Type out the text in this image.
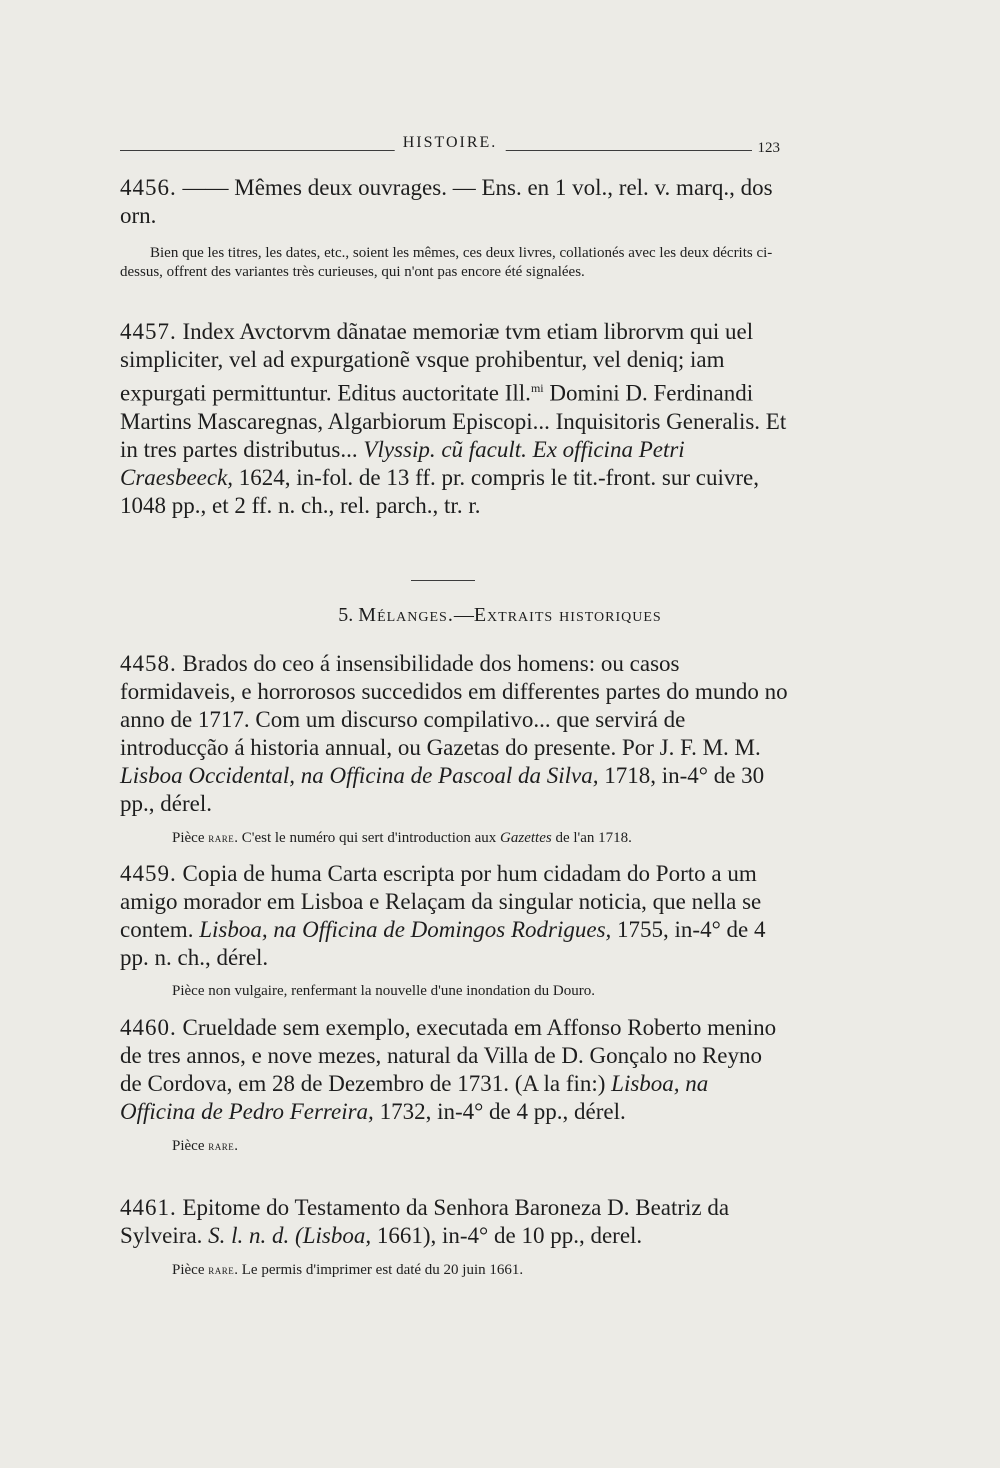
HISTOIRE.	123
4456. —— Mêmes deux ouvrages. — Ens. en 1 vol., rel. v. marq., dos orn.
Bien que les titres, les dates, etc., soient les mêmes, ces deux livres, collationés avec les deux décrits ci-dessus, offrent des variantes très curieuses, qui n'ont pas encore été signalées.
4457. Index Avctorvm dãnatae memoriæ tvm etiam librorvm qui uel simpliciter, vel ad expurgationẽ vsque prohibentur, vel deniq; iam expurgati permittuntur. Editus auctoritate Ill.$^{mi}$ Domini D. Ferdinandi Martins Mascaregnas, Algarbiorum Episcopi... Inquisitoris Generalis. Et in tres partes distributus... Vlyssip. cũ facult. Ex officina Petri Craesbeeck, 1624, in-fol. de 13 ff. pr. compris le tit.-front. sur cuivre, 1048 pp., et 2 ff. n. ch., rel. parch., tr. r.
5. Mélanges.—Extraits historiques
4458. Brados do ceo á insensibilidade dos homens: ou casos formidaveis, e horrorosos succedidos em differentes partes do mundo no anno de 1717. Com um discurso compilativo... que servirá de introducção á historia annual, ou Gazetas do presente. Por J. F. M. M. Lisboa Occidental, na Officina de Pascoal da Silva, 1718, in-4° de 30 pp., dérel.
Pièce rare. C'est le numéro qui sert d'introduction aux Gazettes de l'an 1718.
4459. Copia de huma Carta escripta por hum cidadam do Porto a um amigo morador em Lisboa e Relaçam da singular noticia, que nella se contem. Lisboa, na Officina de Domingos Rodrigues, 1755, in-4° de 4 pp. n. ch., dérel.
Pièce non vulgaire, renfermant la nouvelle d'une inondation du Douro.
4460. Crueldade sem exemplo, executada em Affonso Roberto menino de tres annos, e nove mezes, natural da Villa de D. Gonçalo no Reyno de Cordova, em 28 de Dezembro de 1731. (A la fin:) Lisboa, na Officina de Pedro Ferreira, 1732, in-4° de 4 pp., dérel.
Pièce rare.
4461. Epitome do Testamento da Senhora Baroneza D. Beatriz da Sylveira. S. l. n. d. (Lisboa, 1661), in-4° de 10 pp., derel.
Pièce rare. Le permis d'imprimer est daté du 20 juin 1661.
